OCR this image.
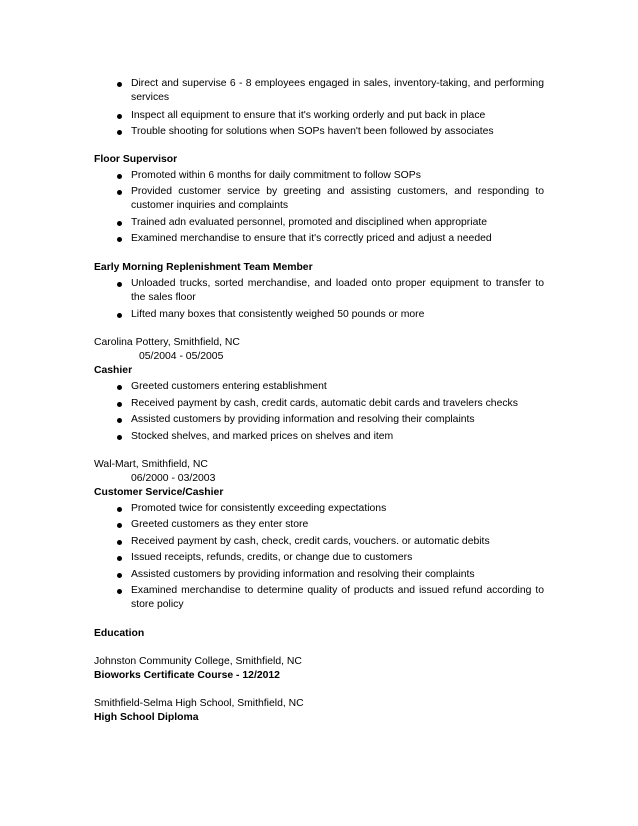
Direct and supervise 6 - 8 employees engaged in sales, inventory-taking, and performing services
Inspect all equipment to ensure that it's working orderly and put back in place
Trouble shooting for solutions when SOPs haven't been followed by associates
Floor Supervisor
Promoted within 6 months for daily commitment to follow SOPs
Provided customer service by greeting and assisting customers, and responding to customer inquiries and complaints
Trained adn evaluated personnel, promoted and disciplined when appropriate
Examined merchandise to ensure that it's correctly priced and adjust a needed
Early Morning Replenishment Team Member
Unloaded trucks, sorted merchandise, and loaded onto proper equipment to transfer to the sales floor
Lifted many boxes that consistently weighed 50 pounds or more
Carolina Pottery, Smithfield, NC
05/2004 - 05/2005
Cashier
Greeted customers entering establishment
Received payment by cash, credit cards, automatic debit cards and travelers checks
Assisted customers by providing information and resolving their complaints
Stocked shelves, and marked prices on shelves and item
Wal-Mart, Smithfield, NC
06/2000 - 03/2003
Customer Service/Cashier
Promoted twice for consistently exceeding expectations
Greeted customers as they enter store
Received payment by cash, check, credit cards, vouchers. or automatic debits
Issued receipts, refunds, credits, or change due to customers
Assisted customers by providing information and resolving their complaints
Examined merchandise to determine quality of products and issued refund according to store policy
Education
Johnston Community College, Smithfield, NC
Bioworks Certificate Course - 12/2012
Smithfield-Selma High School, Smithfield, NC
High School Diploma
